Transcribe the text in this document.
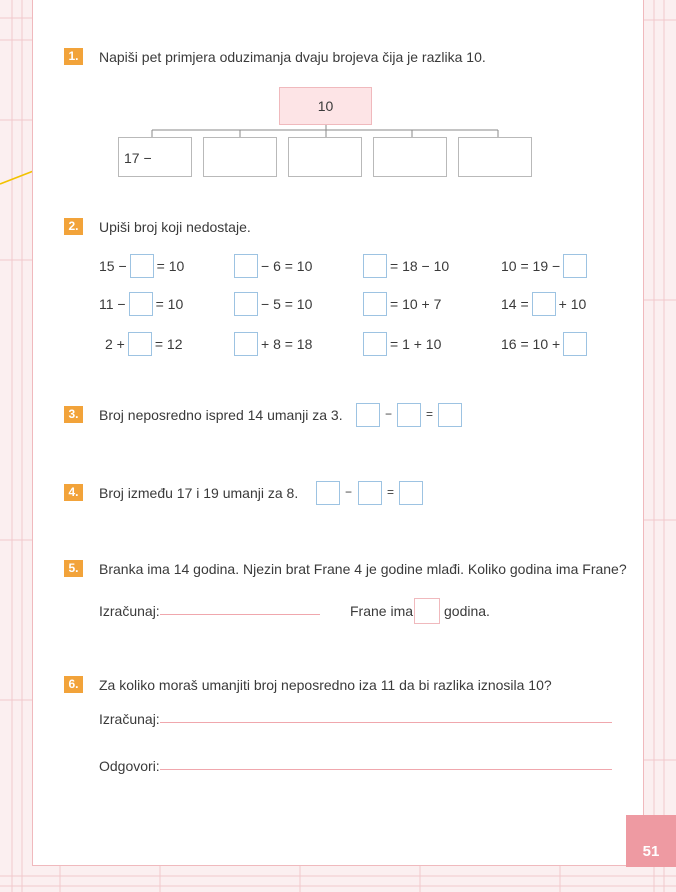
1.	Napiši pet primjera oduzimanja dvaju brojeva čija je razlika 10.
10
17 −
2.	Upiši broj koji nedostaje.
15 − = 10	− 6 = 10	= 18 − 10	10 = 19 −
11 − = 10	− 5 = 10	= 10 + 7	14 = + 10
2 + = 12	+ 8 = 18	= 1 + 10	16 = 10 +
3.	Broj neposredno ispred 14 umanji za 3.	−	=
4.	Broj između 17 i 19 umanji za 8.	−	=
5.	Branka ima 14 godina. Njezin brat Frane 4 je godine mlađi. Koliko godina ima Frane?
Izračunaj:	Frane ima godina.
6.	Za koliko moraš umanjiti broj neposredno iza 11 da bi razlika iznosila 10?
Izračunaj:
Odgovori:
51
